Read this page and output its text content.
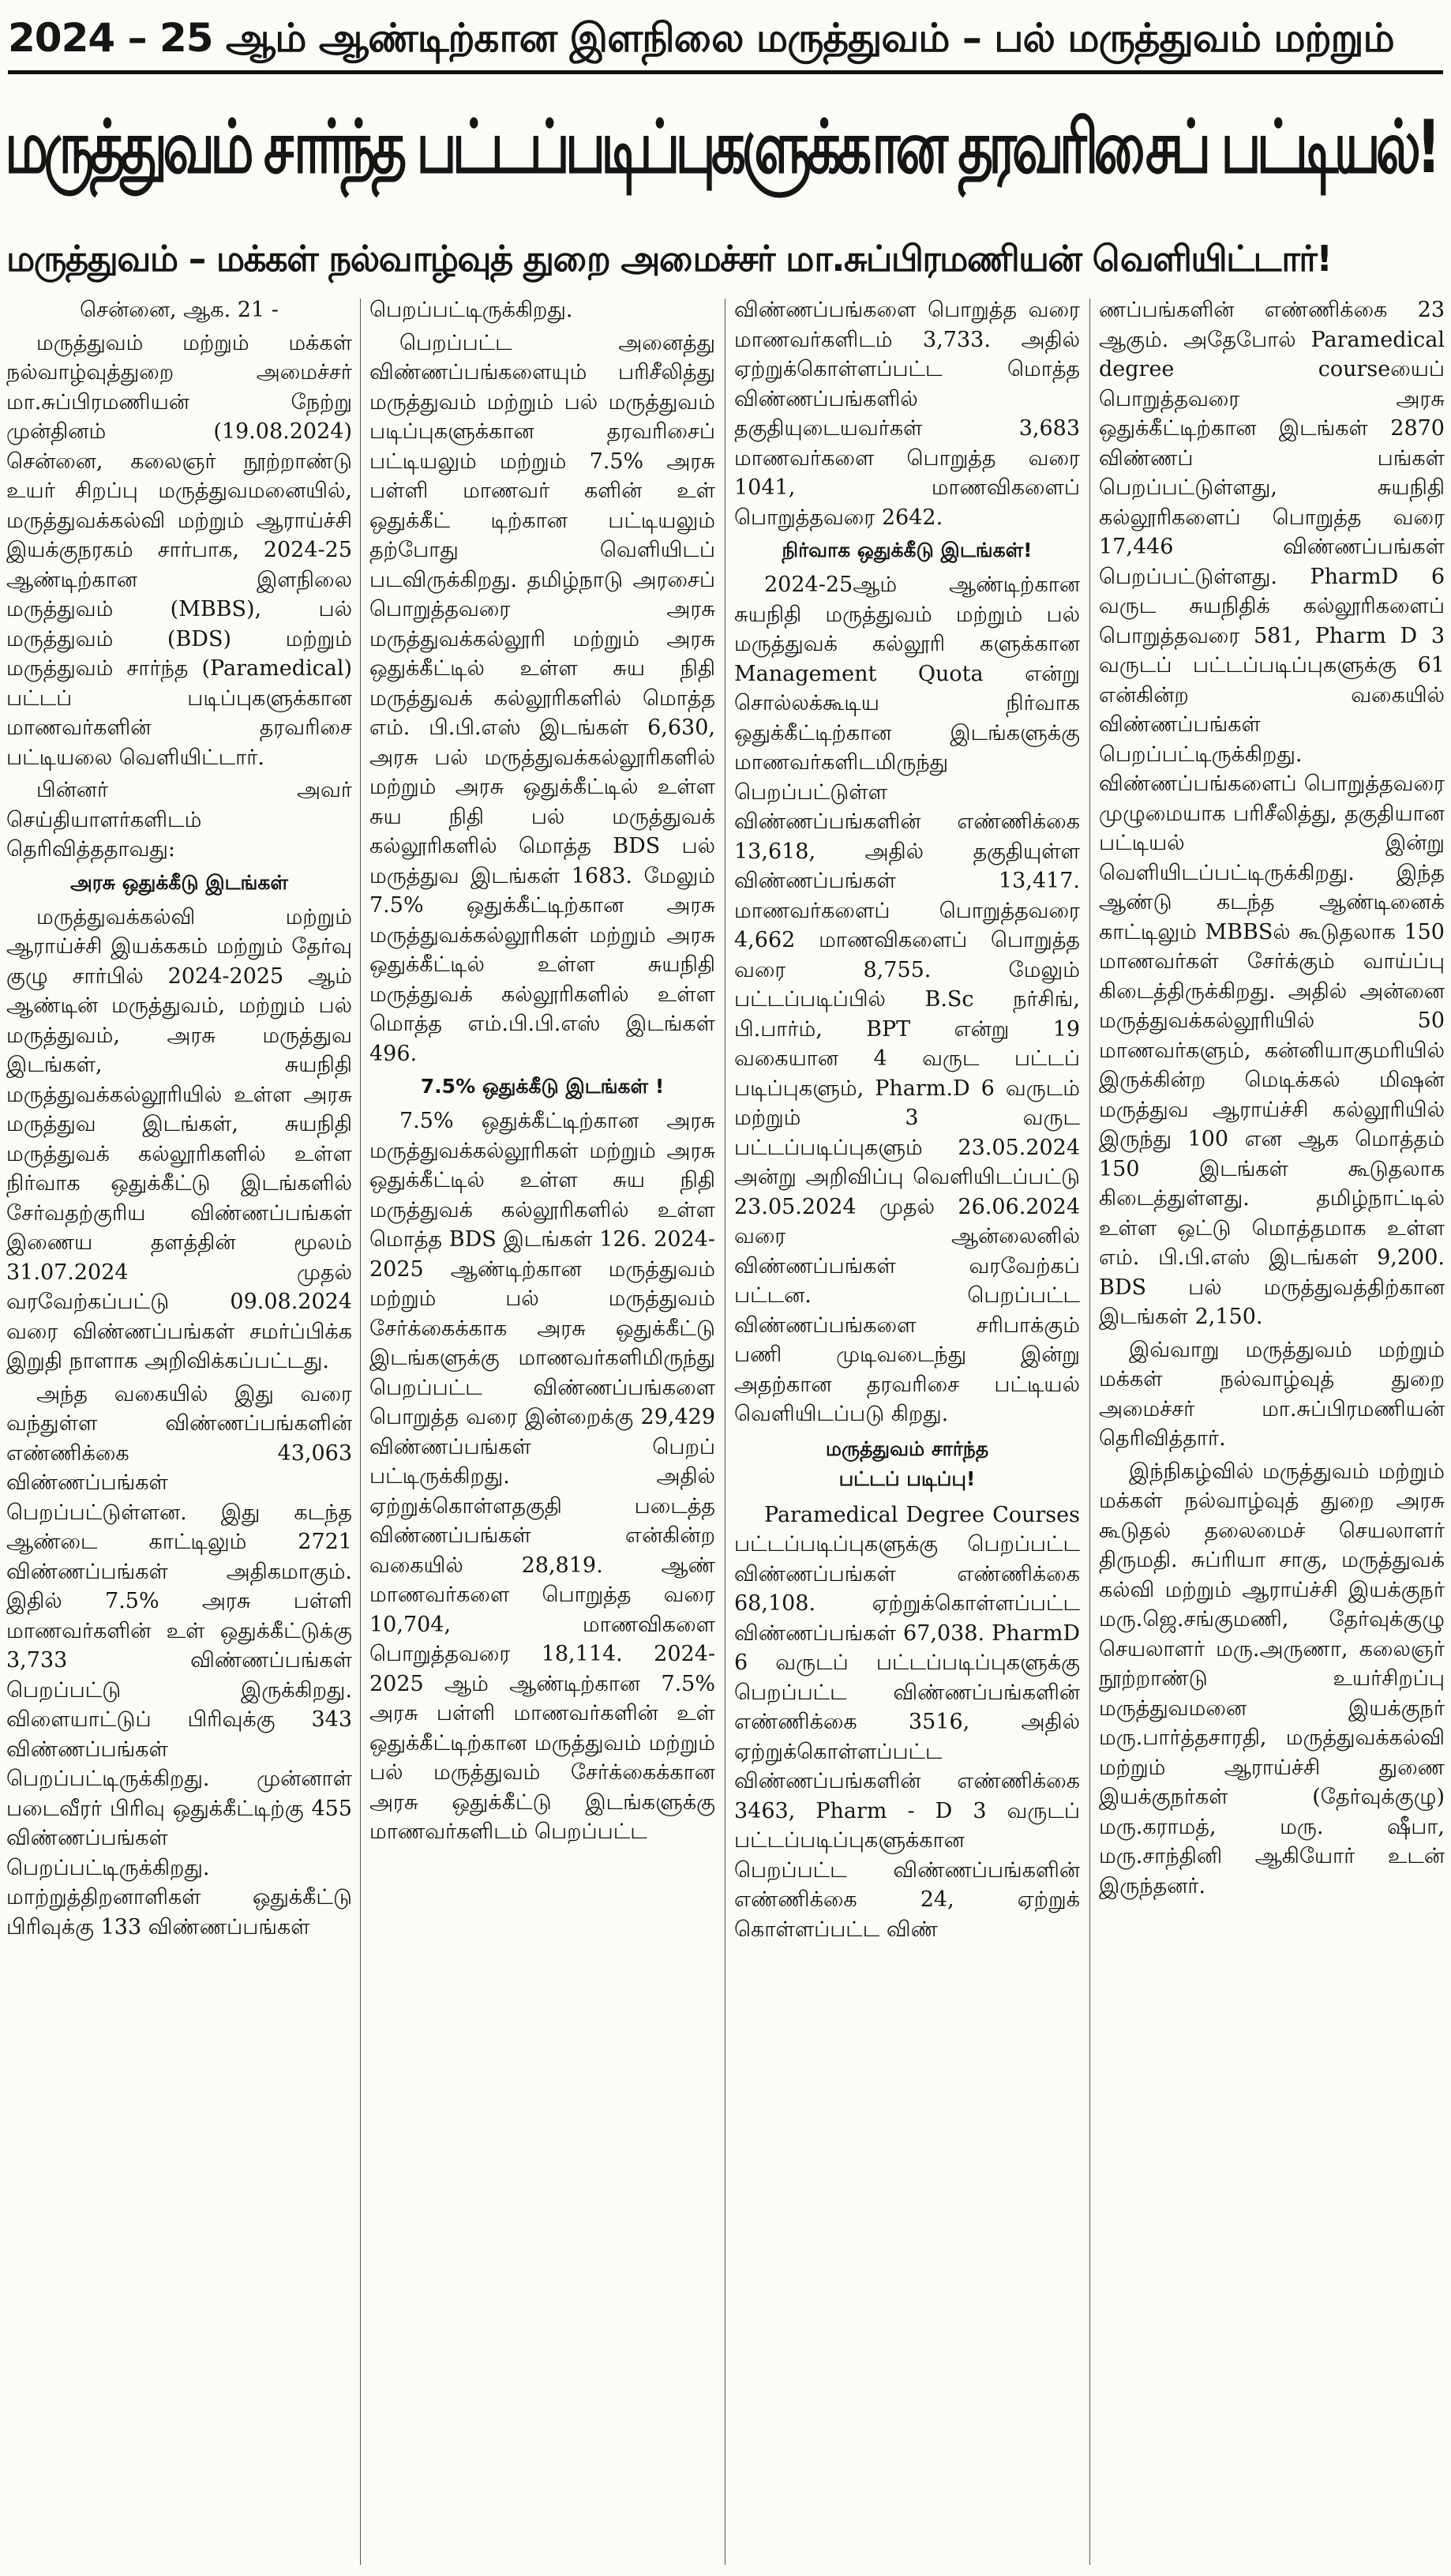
2024 – 25 ஆம் ஆண்டிற்கான இளநிலை மருத்துவம் – பல் மருத்துவம் மற்றும்
மருத்துவம் சார்ந்த பட்டப்படிப்புகளுக்கான தரவரிசைப் பட்டியல்!
மருத்துவம் – மக்கள் நல்வாழ்வுத் துறை அமைச்சர் மா.சுப்பிரமணியன் வெளியிட்டார்!

சென்னை, ஆக. 21 -

மருத்துவம் மற்றும் மக்கள் நல்வாழ்வுத்துறை அமைச்சர் மா.சுப்பிரமணியன் நேற்று முன்தினம் (19.08.2024) சென்னை, கலைஞர் நூற்றாண்டு உயர் சிறப்பு மருத்துவமனையில், மருத்துவக்கல்வி மற்றும் ஆராய்ச்சி இயக்குநரகம் சார்பாக, 2024-25 ஆண்டிற்கான இளநிலை மருத்துவம் (MBBS), பல் மருத்துவம் (BDS) மற்றும் மருத்துவம் சார்ந்த (Paramedical) பட்டப் படிப்புகளுக்கான மாணவர்களின் தரவரிசை பட்டியலை வெளியிட்டார்.

பின்னர் அவர் செய்தியாளர்களிடம் தெரிவித்ததாவது:

அரசு ஒதுக்கீடு இடங்கள்

மருத்துவக்கல்வி மற்றும் ஆராய்ச்சி இயக்ககம் மற்றும் தேர்வு குழு சார்பில் 2024-2025 ஆம் ஆண்டின் மருத்துவம், மற்றும் பல் மருத்துவம், அரசு மருத்துவ இடங்கள், சுயநிதி மருத்துவக்கல்லூரியில் உள்ள அரசு மருத்துவ இடங்கள், சுயநிதி மருத்துவக் கல்லூரிகளில் உள்ள நிர்வாக ஒதுக்கீட்டு இடங்களில் சேர்வதற்குரிய விண்ணப்பங்கள் இணைய தளத்தின் மூலம் 31.07.2024 முதல் வரவேற்கப்பட்டு 09.08.2024 வரை விண்ணப்பங்கள் சமர்ப்பிக்க இறுதி நாளாக அறிவிக்கப்பட்டது.

அந்த வகையில் இது வரை வந்துள்ள விண்ணப்பங்களின் எண்ணிக்கை 43,063 விண்ணப்பங்கள் பெறப்பட்டுள்ளன. இது கடந்த ஆண்டை காட்டிலும் 2721 விண்ணப்பங்கள் அதிகமாகும். இதில் 7.5% அரசு பள்ளி மாணவர்களின் உள் ஒதுக்கீட்டுக்கு 3,733 விண்ணப்பங்கள் பெறப்பட்டு இருக்கிறது. விளையாட்டுப் பிரிவுக்கு 343 விண்ணப்பங்கள் பெறப்பட்டிருக்கிறது. முன்னாள் படைவீரர் பிரிவு ஒதுக்கீட்டிற்கு 455 விண்ணப்பங்கள் பெறப்பட்டிருக்கிறது. மாற்றுத்திறனாளிகள் ஒதுக்கீட்டு பிரிவுக்கு 133 விண்ணப்பங்கள்

பெறப்பட்டிருக்கிறது.

பெறப்பட்ட அனைத்து விண்ணப்பங்களையும் பரிசீலித்து மருத்துவம் மற்றும் பல் மருத்துவம் படிப்புகளுக்கான தரவரிசைப் பட்டியலும் மற்றும் 7.5% அரசு பள்ளி மாணவர் களின் உள் ஒதுக்கீட் டிற்கான பட்டியலும் தற்போது வெளியிடப் படவிருக்கிறது. தமிழ்நாடு அரசைப் பொறுத்தவரை அரசு மருத்துவக்கல்லூரி மற்றும் அரசு ஒதுக்கீட்டில் உள்ள சுய நிதி மருத்துவக் கல்லூரிகளில் மொத்த எம். பி.பி.எஸ் இடங்கள் 6,630, அரசு பல் மருத்துவக்கல்லூரிகளில் மற்றும் அரசு ஒதுக்கீட்டில் உள்ள சுய நிதி பல் மருத்துவக் கல்லூரிகளில் மொத்த BDS பல் மருத்துவ இடங்கள் 1683. மேலும் 7.5% ஒதுக்கீட்டிற்கான அரசு மருத்துவக்கல்லூரிகள் மற்றும் அரசு ஒதுக்கீட்டில் உள்ள சுயநிதி மருத்துவக் கல்லூரிகளில் உள்ள மொத்த எம்.பி.பி.எஸ் இடங்கள் 496.

7.5% ஒதுக்கீடு இடங்கள் !

7.5% ஒதுக்கீட்டிற்கான அரசு மருத்துவக்கல்லூரிகள் மற்றும் அரசு ஒதுக்கீட்டில் உள்ள சுய நிதி மருத்துவக் கல்லூரிகளில் உள்ள மொத்த BDS இடங்கள் 126. 2024-2025 ஆண்டிற்கான மருத்துவம் மற்றும் பல் மருத்துவம் சேர்க்கைக்காக அரசு ஒதுக்கீட்டு இடங்களுக்கு மாணவர்களிமிருந்து பெறப்பட்ட விண்ணப்பங்களை பொறுத்த வரை இன்றைக்கு 29,429 விண்ணப்பங்கள் பெறப் பட்டிருக்கிறது. அதில் ஏற்றுக்கொள்ளதகுதி படைத்த விண்ணப்பங்கள் என்கின்ற வகையில் 28,819. ஆண் மாணவர்களை பொறுத்த வரை 10,704, மாணவிகளை பொறுத்தவரை 18,114. 2024-2025 ஆம் ஆண்டிற்கான 7.5% அரசு பள்ளி மாணவர்களின் உள் ஒதுக்கீட்டிற்கான மருத்துவம் மற்றும் பல் மருத்துவம் சேர்க்கைக்கான அரசு ஒதுக்கீட்டு இடங்களுக்கு மாணவர்களிடம் பெறப்பட்ட

விண்ணப்பங்களை பொறுத்த வரை மாணவர்களிடம் 3,733. அதில் ஏற்றுக்கொள்ளப்பட்ட மொத்த விண்ணப்பங்களில் தகுதியுடையவர்கள் 3,683 மாணவர்களை பொறுத்த வரை 1041, மாணவிகளைப் பொறுத்தவரை 2642.

நிர்வாக ஒதுக்கீடு இடங்கள்!

2024-25ஆம் ஆண்டிற்கான சுயநிதி மருத்துவம் மற்றும் பல் மருத்துவக் கல்லூரி களுக்கான Management Quota என்று சொல்லக்கூடிய நிர்வாக ஒதுக்கீட்டிற்கான இடங்களுக்கு மாணவர்களிடமிருந்து பெறப்பட்டுள்ள விண்ணப்பங்களின் எண்ணிக்கை 13,618, அதில் தகுதியுள்ள விண்ணப்பங்கள் 13,417. மாணவர்களைப் பொறுத்தவரை 4,662 மாணவிகளைப் பொறுத்த வரை 8,755. மேலும் பட்டப்படிப்பில் B.Sc நர்சிங், பி.பார்ம், BPT என்று 19 வகையான 4 வருட பட்டப் படிப்புகளும், Pharm.D 6 வருடம் மற்றும் 3 வருட பட்டப்படிப்புகளும் 23.05.2024 அன்று அறிவிப்பு வெளியிடப்பட்டு 23.05.2024 முதல் 26.06.2024 வரை ஆன்லைனில் விண்ணப்பங்கள் வரவேற்கப் பட்டன. பெறப்பட்ட விண்ணப்பங்களை சரிபாக்கும் பணி முடிவடைந்து இன்று அதற்கான தரவரிசை பட்டியல் வெளியிடப்படு கிறது.

மருத்துவம் சார்ந்த
பட்டப் படிப்பு!

Paramedical Degree Courses பட்டப்படிப்புகளுக்கு பெறப்பட்ட விண்ணப்பங்கள் எண்ணிக்கை 68,108. ஏற்றுக்கொள்ளப்பட்ட விண்ணப்பங்கள் 67,038. PharmD 6 வருடப் பட்டப்படிப்புகளுக்கு பெறப்பட்ட விண்ணப்பங்களின் எண்ணிக்கை 3516, அதில் ஏற்றுக்கொள்ளப்பட்ட விண்ணப்பங்களின் எண்ணிக்கை 3463, Pharm - D 3 வருடப் பட்டப்படிப்புகளுக்கான பெறப்பட்ட விண்ணப்பங்களின் எண்ணிக்கை 24, ஏற்றுக் கொள்ளப்பட்ட விண்

ணப்பங்களின் எண்ணிக்கை 23 ஆகும். அதேபோல் Paramedical degree courseயைப் பொறுத்தவரை அரசு ஒதுக்கீட்டிற்கான இடங்கள் 2870 விண்ணப் பங்கள் பெறப்பட்டுள்ளது, சுயநிதி கல்லூரிகளைப் பொறுத்த வரை 17,446 விண்ணப்பங்கள் பெறப்பட்டுள்ளது. PharmD 6 வருட சுயநிதிக் கல்லூரிகளைப் பொறுத்தவரை 581, Pharm D 3 வருடப் பட்டப்படிப்புகளுக்கு 61 என்கின்ற வகையில் விண்ணப்பங்கள் பெறப்பட்டிருக்கிறது. விண்ணப்பங்களைப் பொறுத்தவரை முழுமையாக பரிசீலித்து, தகுதியான பட்டியல் இன்று வெளியிடப்பட்டிருக்கிறது. இந்த ஆண்டு கடந்த ஆண்டினைக் காட்டிலும் MBBSல் கூடுதலாக 150 மாணவர்கள் சேர்க்கும் வாய்ப்பு கிடைத்திருக்கிறது. அதில் அன்னை மருத்துவக்கல்லூரியில் 50 மாணவர்களும், கன்னியாகுமரியில் இருக்கின்ற மெடிக்கல் மிஷன் மருத்துவ ஆராய்ச்சி கல்லூரியில் இருந்து 100 என ஆக மொத்தம் 150 இடங்கள் கூடுதலாக கிடைத்துள்ளது. தமிழ்நாட்டில் உள்ள ஒட்டு மொத்தமாக உள்ள எம். பி.பி.எஸ் இடங்கள் 9,200. BDS பல் மருத்துவத்திற்கான இடங்கள் 2,150.

இவ்வாறு மருத்துவம் மற்றும் மக்கள் நல்வாழ்வுத் துறை அமைச்சர் மா.சுப்பிரமணியன் தெரிவித்தார்.

இந்நிகழ்வில் மருத்துவம் மற்றும் மக்கள் நல்வாழ்வுத் துறை அரசு கூடுதல் தலைமைச் செயலாளர் திருமதி. சுப்ரியா சாகு, மருத்துவக் கல்வி மற்றும் ஆராய்ச்சி இயக்குநர் மரு.ஜெ.சங்குமணி, தேர்வுக்குழு செயலாளர் மரு.அருணா, கலைஞர் நூற்றாண்டு உயர்சிறப்பு மருத்துவமனை இயக்குநர் மரு.பார்த்தசாரதி, மருத்துவக்கல்வி மற்றும் ஆராய்ச்சி துணை இயக்குநர்கள் (தேர்வுக்குழு) மரு.கராமத், மரு. ஷீபா, மரு.சாந்தினி ஆகியோர் உடன் இருந்தனர்.
